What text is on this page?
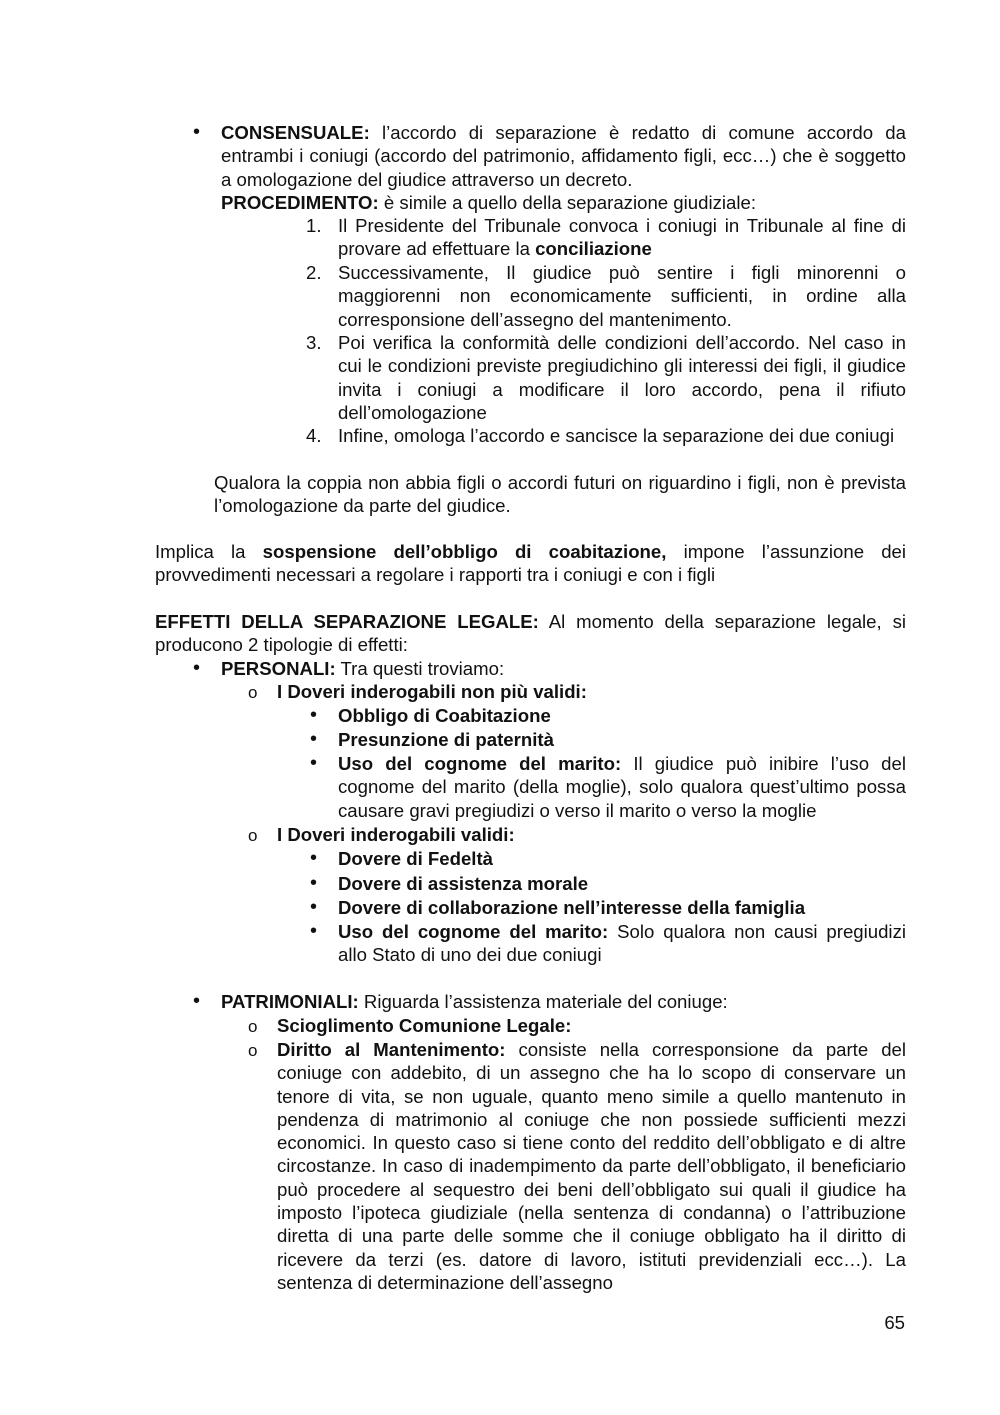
• CONSENSUALE: l’accordo di separazione è redatto di comune accordo da entrambi i coniugi (accordo del patrimonio, affidamento figli, ecc…) che è soggetto a omologazione del giudice attraverso un decreto.

PROCEDIMENTO: è simile a quello della separazione giudiziale:

1. Il Presidente del Tribunale convoca i coniugi in Tribunale al fine di provare ad effettuare la conciliazione
2. Successivamente, Il giudice può sentire i figli minorenni o maggiorenni non economicamente sufficienti, in ordine alla corresponsione dell’assegno del mantenimento.
3. Poi verifica la conformità delle condizioni dell’accordo. Nel caso in cui le condizioni previste pregiudichino gli interessi dei figli, il giudice invita i coniugi a modificare il loro accordo, pena il rifiuto dell’omologazione
4. Infine, omologa l’accordo e sancisce la separazione dei due coniugi
Qualora la coppia non abbia figli o accordi futuri on riguardino i figli, non è prevista l’omologazione da parte del giudice.
Implica la sospensione dell’obbligo di coabitazione, impone l’assunzione dei provvedimenti necessari a regolare i rapporti tra i coniugi e con i figli
EFFETTI DELLA SEPARAZIONE LEGALE: Al momento della separazione legale, si producono 2 tipologie di effetti:
• PERSONALI: Tra questi troviamo:
o I Doveri inderogabili non più validi:
• Obbligo di Coabitazione
• Presunzione di paternità
• Uso del cognome del marito: Il giudice può inibire l’uso del cognome del marito (della moglie), solo qualora quest’ultimo possa causare gravi pregiudizi o verso il marito o verso la moglie
o I Doveri inderogabili validi:
• Dovere di Fedeltà
• Dovere di assistenza morale
• Dovere di collaborazione nell’interesse della famiglia
• Uso del cognome del marito: Solo qualora non causi pregiudizi allo Stato di uno dei due coniugi
• PATRIMONIALI: Riguarda l’assistenza materiale del coniuge:
o Scioglimento Comunione Legale:
o Diritto al Mantenimento: consiste nella corresponsione da parte del coniuge con addebito, di un assegno che ha lo scopo di conservare un tenore di vita, se non uguale, quanto meno simile a quello mantenuto in pendenza di matrimonio al coniuge che non possiede sufficienti mezzi economici. In questo caso si tiene conto del reddito dell’obbligato e di altre circostanze. In caso di inadempimento da parte dell’obbligato, il beneficiario può procedere al sequestro dei beni dell’obbligato sui quali il giudice ha imposto l’ipoteca giudiziale (nella sentenza di condanna) o l’attribuzione diretta di una parte delle somme che il coniuge obbligato ha il diritto di ricevere da terzi (es. datore di lavoro, istituti previdenziali ecc…). La sentenza di determinazione dell’assegno
65
